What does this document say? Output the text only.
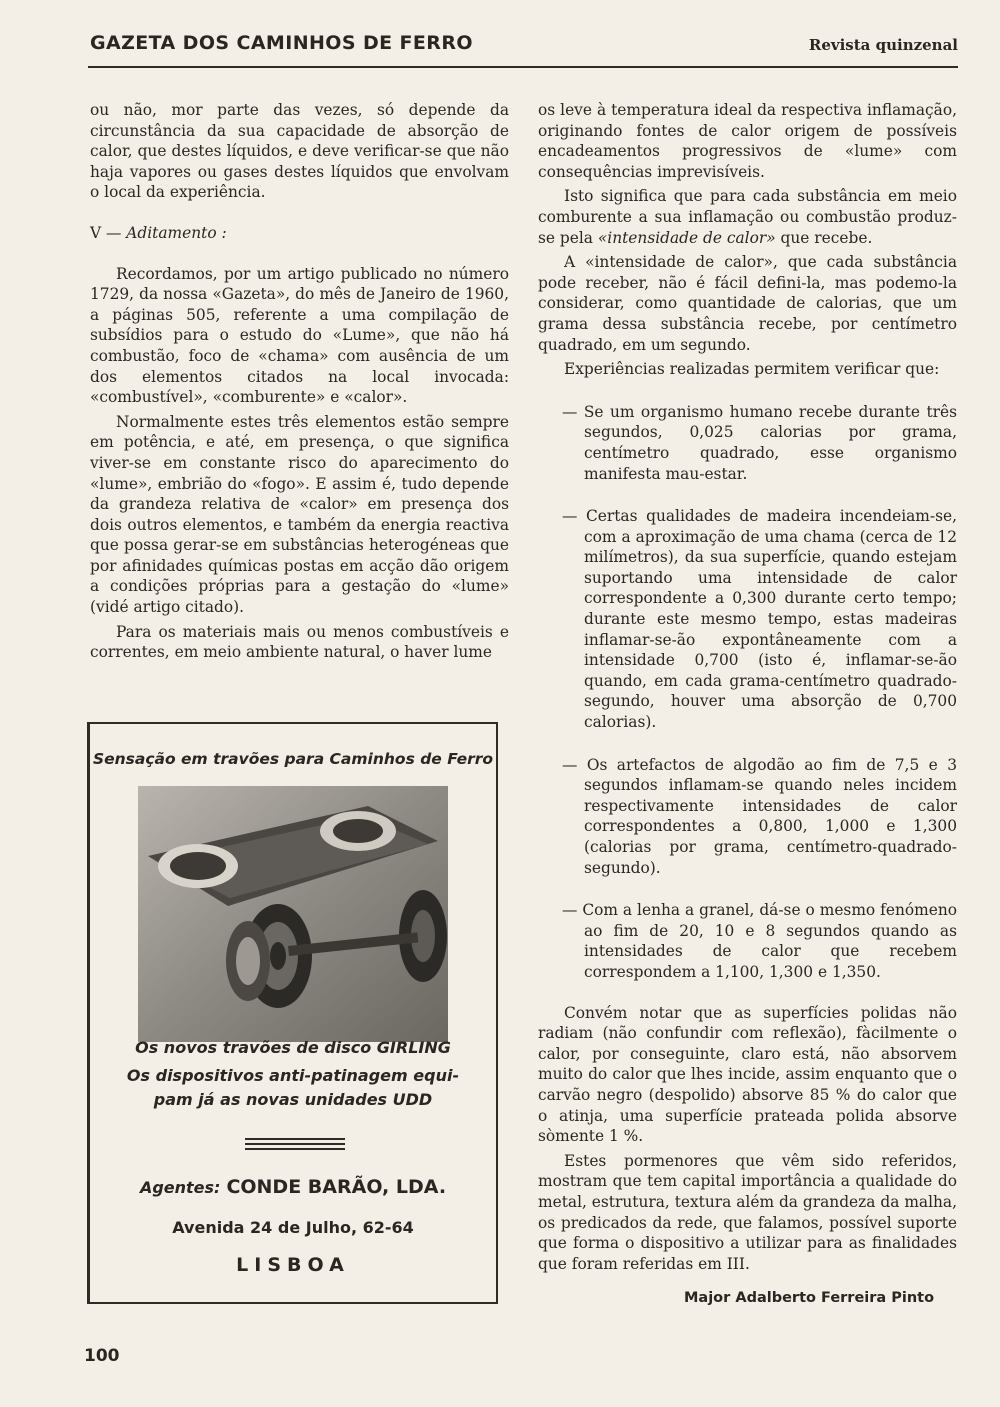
GAZETA DOS CAMINHOS DE FERRO	Revista quinzenal

ou não, mor parte das vezes, só depende da circunstância da sua capacidade de absorção de calor, que destes líquidos, e deve verificar-se que não haja vapores ou gases destes líquidos que envolvam o local da experiência.

V — Aditamento :

Recordamos, por um artigo publicado no número 1729, da nossa «Gazeta», do mês de Janeiro de 1960, a páginas 505, referente a uma compilação de subsídios para o estudo do «Lume», que não há combustão, foco de «chama» com ausência de um dos elementos citados na local invocada: «combustível», «comburente» e «calor».

Normalmente estes três elementos estão sempre em potência, e até, em presença, o que significa viver-se em constante risco do aparecimento do «lume», embrião do «fogo». E assim é, tudo depende da grandeza relativa de «calor» em presença dos dois outros elementos, e também da energia reactiva que possa gerar-se em substâncias heterogéneas que por afinidades químicas postas em acção dão origem a condições próprias para a gestação do «lume» (vidé artigo citado).

Para os materiais mais ou menos combustíveis e correntes, em meio ambiente natural, o haver lume

Sensação em travões para Caminhos de Ferro
Os novos travões de disco GIRLING
Os dispositivos anti-patinagem equi-
pam já as novas unidades UDD
Agentes: CONDE BARÃO, LDA.
Avenida 24 de Julho, 62-64
LISBOA

os leve à temperatura ideal da respectiva inflamação, originando fontes de calor origem de possíveis encadeamentos progressivos de «lume» com consequências imprevisíveis.

Isto significa que para cada substância em meio comburente a sua inflamação ou combustão produz-se pela «intensidade de calor» que recebe.

A «intensidade de calor», que cada substância pode receber, não é fácil defini-la, mas podemo-la considerar, como quantidade de calorias, que um grama dessa substância recebe, por centímetro quadrado, em um segundo.

Experiências realizadas permitem verificar que:

— Se um organismo humano recebe durante três segundos, 0,025 calorias por grama, centímetro quadrado, esse organismo manifesta mau-estar.

— Certas qualidades de madeira incendeiam-se, com a aproximação de uma chama (cerca de 12 milímetros), da sua superfície, quando estejam suportando uma intensidade de calor correspondente a 0,300 durante certo tempo; durante este mesmo tempo, estas madeiras inflamar-se-ão expontâneamente com a intensidade 0,700 (isto é, inflamar-se-ão quando, em cada grama-centímetro quadrado-segundo, houver uma absorção de 0,700 calorias).

— Os artefactos de algodão ao fim de 7,5 e 3 segundos inflamam-se quando neles incidem respectivamente intensidades de calor correspondentes a 0,800, 1,000 e 1,300 (calorias por grama, centímetro-quadrado-segundo).

— Com a lenha a granel, dá-se o mesmo fenómeno ao fim de 20, 10 e 8 segundos quando as intensidades de calor que recebem correspondem a 1,100, 1,300 e 1,350.

Convém notar que as superfícies polidas não radiam (não confundir com reflexão), fàcilmente o calor, por conseguinte, claro está, não absorvem muito do calor que lhes incide, assim enquanto que o carvão negro (despolido) absorve 85 % do calor que o atinja, uma superfície prateada polida absorve sòmente 1 %.

Estes pormenores que vêm sido referidos, mostram que tem capital importância a qualidade do metal, estrutura, textura além da grandeza da malha, os predicados da rede, que falamos, possível suporte que forma o dispositivo a utilizar para as finalidades que foram referidas em III.

Major Adalberto Ferreira Pinto
100
